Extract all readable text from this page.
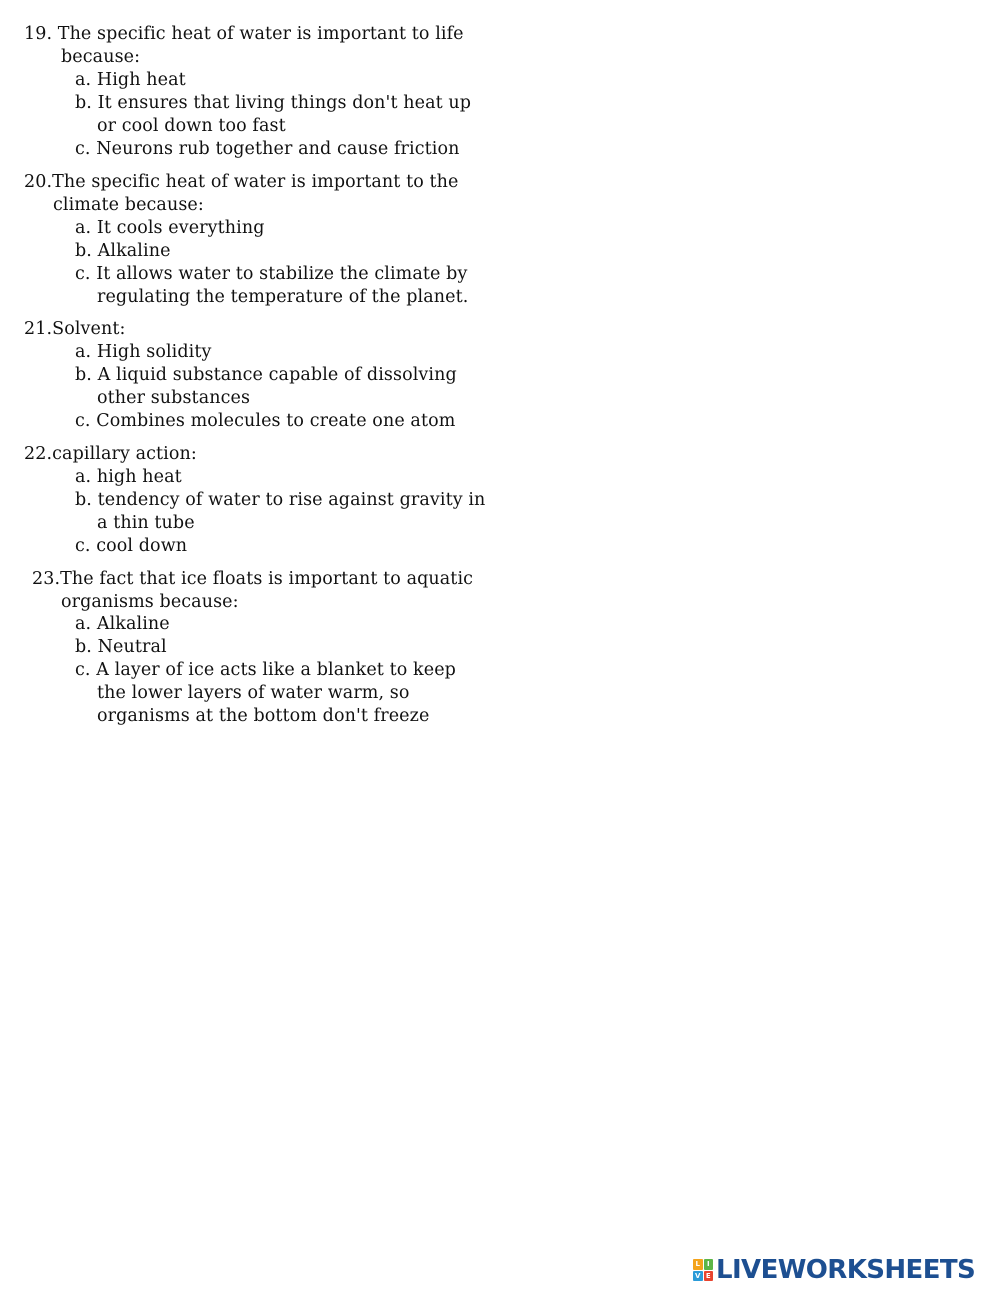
19. The specific heat of water is important to life
because:
a. High heat
b. It ensures that living things don't heat up
or cool down too fast
c. Neurons rub together and cause friction
20.The specific heat of water is important to the
climate because:
a. It cools everything
b. Alkaline
c. It allows water to stabilize the climate by
regulating the temperature of the planet.
21.Solvent:
a. High solidity
b. A liquid substance capable of dissolving
other substances
c. Combines molecules to create one atom
22.capillary action:
a. high heat
b. tendency of water to rise against gravity in
a thin tube
c. cool down
23.The fact that ice floats is important to aquatic
organisms because:
a. Alkaline
b. Neutral
c. A layer of ice acts like a blanket to keep
the lower layers of water warm, so
organisms at the bottom don't freeze
L I
V E LIVEWORKSHEETS
